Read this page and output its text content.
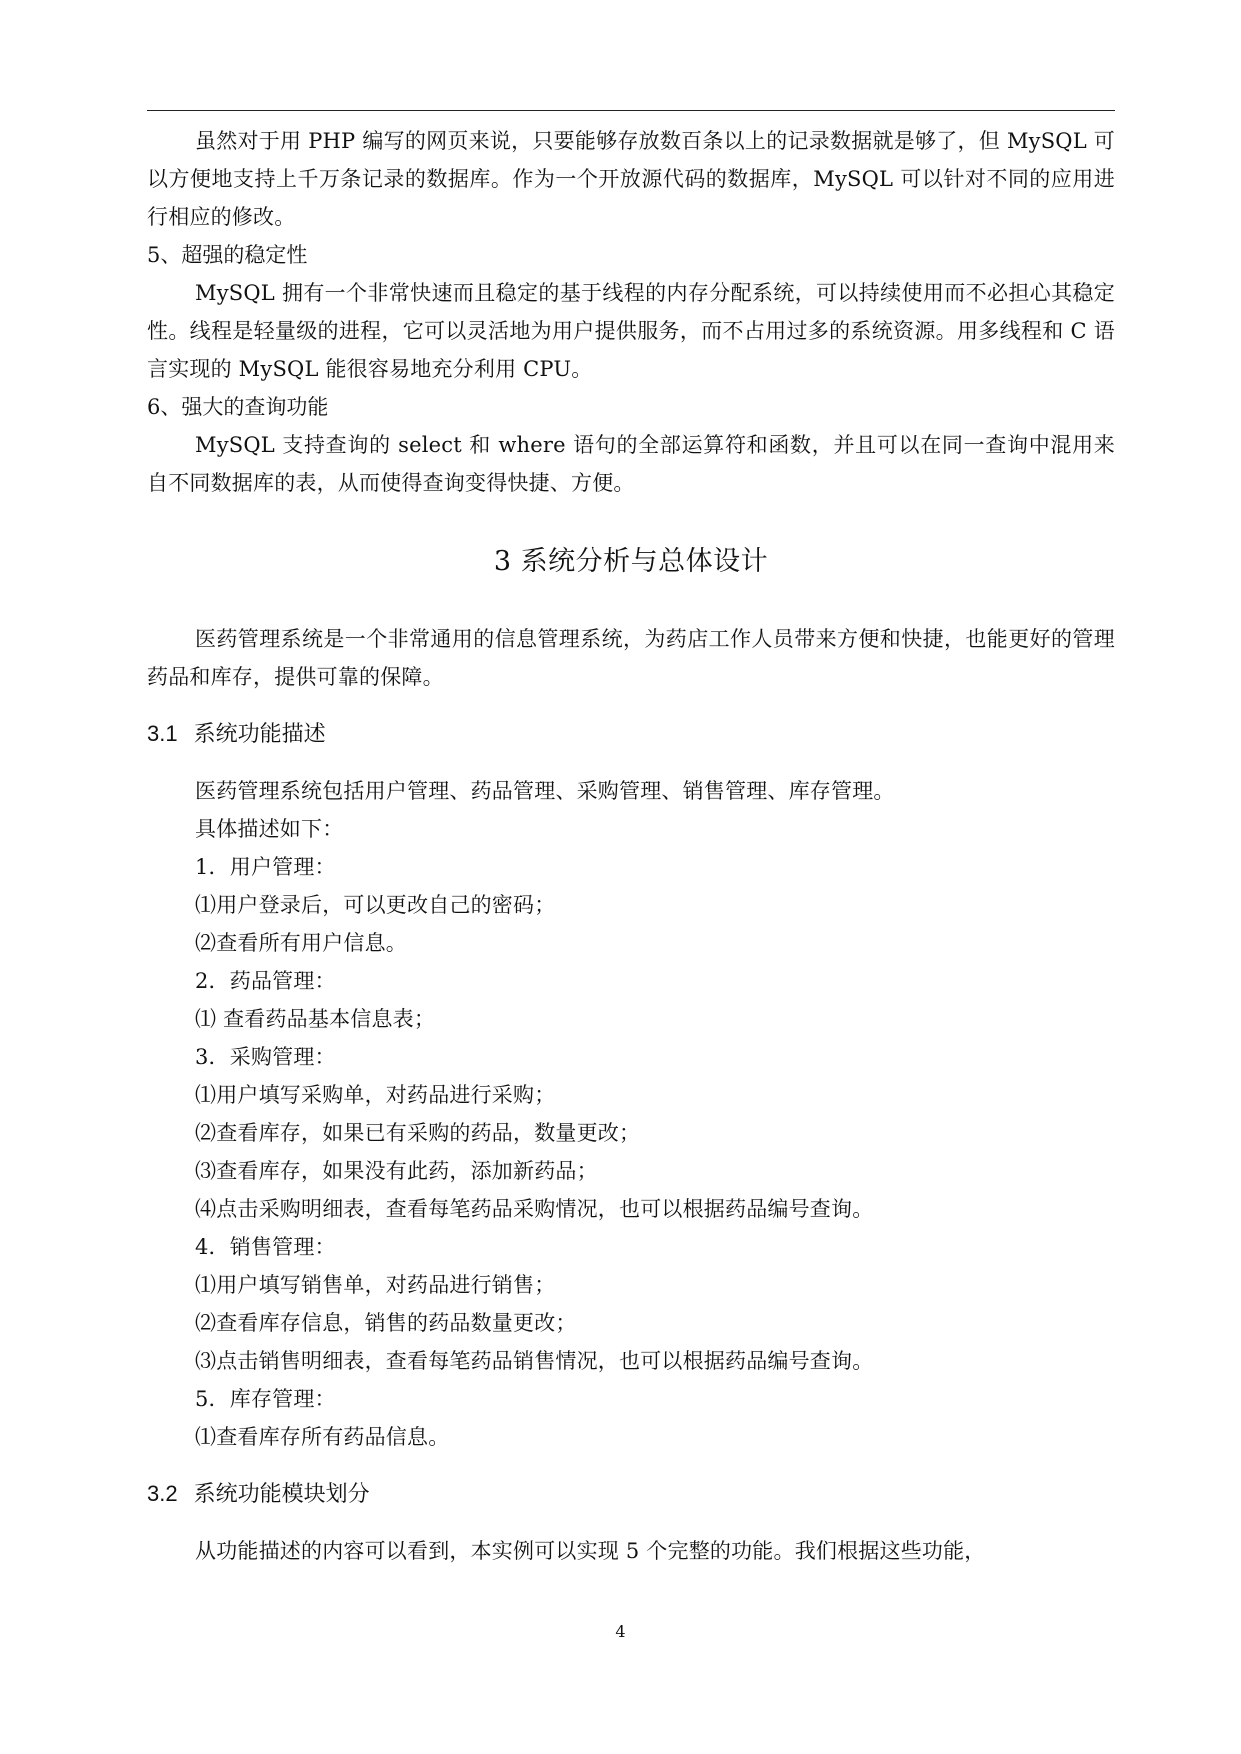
虽然对于用 PHP 编写的网页来说，只要能够存放数百条以上的记录数据就是够了，但 MySQL 可以方便地支持上千万条记录的数据库。作为一个开放源代码的数据库，MySQL 可以针对不同的应用进行相应的修改。

5、超强的稳定性

MySQL 拥有一个非常快速而且稳定的基于线程的内存分配系统，可以持续使用而不必担心其稳定性。线程是轻量级的进程，它可以灵活地为用户提供服务，而不占用过多的系统资源。用多线程和 C 语言实现的 MySQL 能很容易地充分利用 CPU。

6、强大的查询功能

MySQL 支持查询的 select 和 where 语句的全部运算符和函数，并且可以在同一查询中混用来自不同数据库的表，从而使得查询变得快捷、方便。

3 系统分析与总体设计

医药管理系统是一个非常通用的信息管理系统，为药店工作人员带来方便和快捷，也能更好的管理药品和库存，提供可靠的保障。

3.1 系统功能描述

医药管理系统包括用户管理、药品管理、采购管理、销售管理、库存管理。

具体描述如下：

1．用户管理：

⑴用户登录后，可以更改自己的密码；

⑵查看所有用户信息。

2．药品管理：

⑴ 查看药品基本信息表；

3．采购管理：

⑴用户填写采购单，对药品进行采购；

⑵查看库存，如果已有采购的药品，数量更改；

⑶查看库存，如果没有此药，添加新药品；

⑷点击采购明细表，查看每笔药品采购情况，也可以根据药品编号查询。

4．销售管理：

⑴用户填写销售单，对药品进行销售；

⑵查看库存信息，销售的药品数量更改；

⑶点击销售明细表，查看每笔药品销售情况，也可以根据药品编号查询。

5．库存管理：

⑴查看库存所有药品信息。

3.2 系统功能模块划分

从功能描述的内容可以看到，本实例可以实现 5 个完整的功能。我们根据这些功能，

4
